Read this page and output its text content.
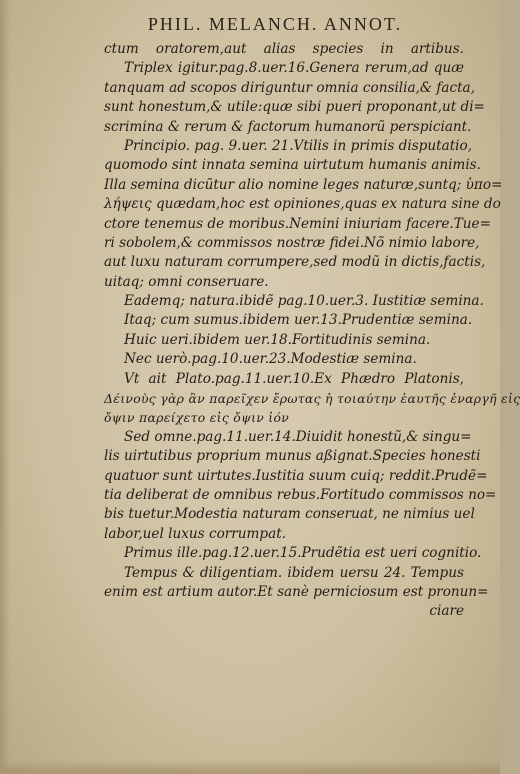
PHIL. MELANCH. ANNOT.
ctum oratorem,aut alias species in artibus.
Triplex igitur.pag.8.uer.16.Genera rerum,ad quæ
tanquam ad scopos diriguntur omnia consilia,& facta,
sunt honestum,& utile:quæ sibi pueri proponant,ut di=
scrimina & rerum & factorum humanorũ perspiciant.
Principio. pag. 9.uer. 21.Vtilis in primis disputatio,
quomodo sint innata semina uirtutum humanis animis.
Illa semina dicũtur alio nomine leges naturæ,suntq; ὑπο=
λήψεις quædam,hoc est opiniones,quas ex natura sine do
ctore tenemus de moribus.Nemini iniuriam facere.Tue=
ri sobolem,& commissos nostræ fidei.Nõ nimio labore,
aut luxu naturam corrumpere,sed modũ in dictis,factis,
uitaq; omni conseruare.
Eademq; natura.ibidẽ pag.10.uer.3. Iustitiæ semina.
Itaq; cum sumus.ibidem uer.13.Prudentiæ semina.
Huic ueri.ibidem uer.18.Fortitudinis semina.
Nec uerò.pag.10.uer.23.Modestiæ semina.
Vt ait Plato.pag.11.uer.10.Ex Phædro Platonis,
Δέινοὺς γὰρ ἂν παρεῖχεν ἔρωτας ἡ τοιαύτην ἑαυτῆς ἐναργῆ εἰς
ὄψιν παρείχετο εἰς ὄψιν ἰόν
Sed omne.pag.11.uer.14.Diuidit honestũ,& singu=
lis uirtutibus proprium munus aßignat.Species honesti
quatuor sunt uirtutes.Iustitia suum cuiq; reddit.Prudẽ=
tia deliberat de omnibus rebus.Fortitudo commissos no=
bis tuetur.Modestia naturam conseruat, ne nimius uel
labor,uel luxus corrumpat.
Primus ille.pag.12.uer.15.Prudẽtia est ueri cognitio.
Tempus & diligentiam. ibidem uersu 24. Tempus
enim est artium autor.Et sanè perniciosum est pronun=
ciare
